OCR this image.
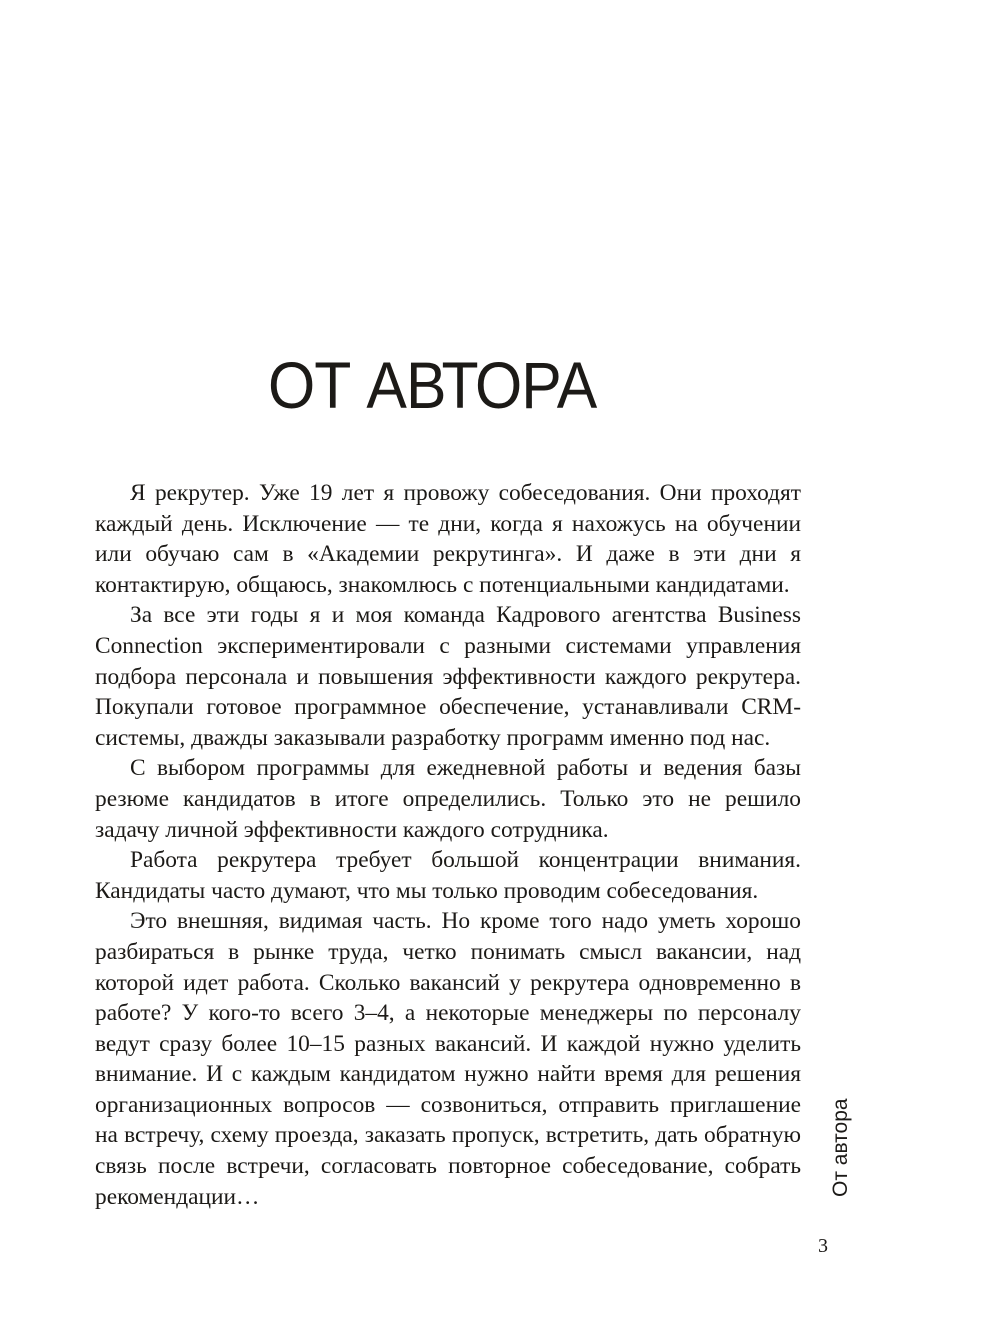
ОТ АВТОРА

Я рекрутер. Уже 19 лет я провожу собеседования. Они проходят каждый день. Исключение — те дни, когда я нахожусь на обучении или обучаю сам в «Академии рекрутинга». И даже в эти дни я контактирую, общаюсь, знакомлюсь с потенциальными кандидатами.

За все эти годы я и моя команда Кадрового агентства Business Connection экспериментировали с разными системами управления подбора персонала и повышения эффективности каждого рекрутера. Покупали готовое программное обеспечение, устанавливали CRM-системы, дважды заказывали разработку программ именно под нас.

С выбором программы для ежедневной работы и ведения базы резюме кандидатов в итоге определились. Только это не решило задачу личной эффективности каждого сотрудника.

Работа рекрутера требует большой концентрации внимания. Кандидаты часто думают, что мы только проводим собеседования.

Это внешняя, видимая часть. Но кроме того надо уметь хорошо разбираться в рынке труда, четко понимать смысл вакансии, над которой идет работа. Сколько вакансий у рекрутера одновременно в работе? У кого-то всего 3–4, а некоторые менеджеры по персоналу ведут сразу более 10–15 разных вакансий. И каждой нужно уделить внимание. И с каждым кандидатом нужно найти время для решения организационных вопросов — созвониться, отправить приглашение на встречу, схему проезда, заказать пропуск, встретить, дать обратную связь после встречи, согласовать повторное собеседование, собрать рекомендации…	От автора
3
